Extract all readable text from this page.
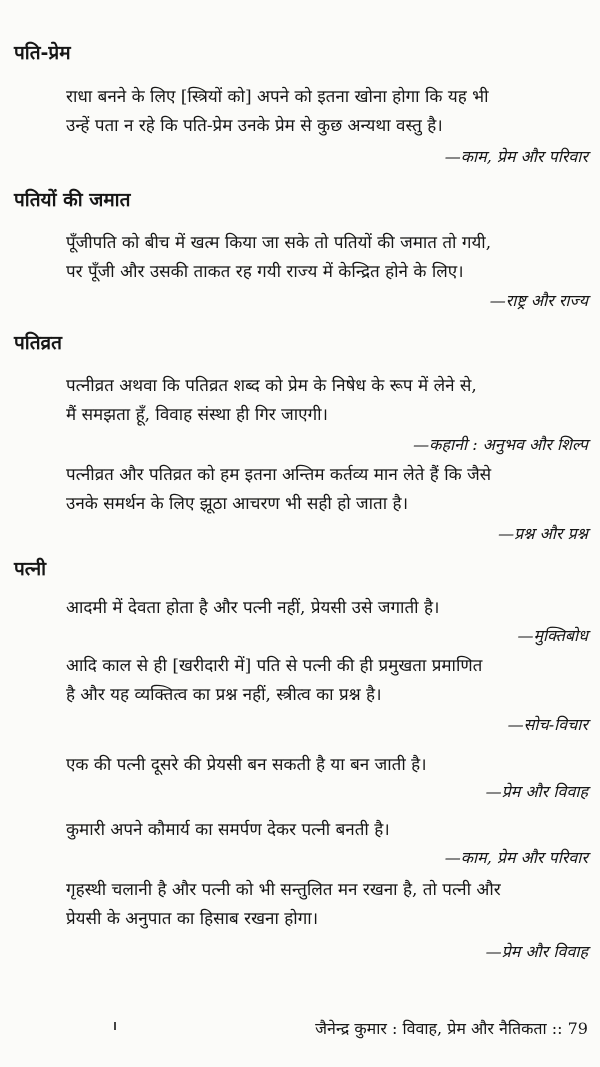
पति-प्रेम
राधा बनने के लिए [स्त्रियों को] अपने को इतना खोना होगा कि यह भी
उन्हें पता न रहे कि पति-प्रेम उनके प्रेम से कुछ अन्यथा वस्तु है।
—काम, प्रेम और परिवार
पतियों की जमात
पूँजीपति को बीच में खत्म किया जा सके तो पतियों की जमात तो गयी,
पर पूँजी और उसकी ताकत रह गयी राज्य में केन्द्रित होने के लिए।
—राष्ट्र और राज्य
पतिव्रत
पत्नीव्रत अथवा कि पतिव्रत शब्द को प्रेम के निषेध के रूप में लेने से,
मैं समझता हूँ, विवाह संस्था ही गिर जाएगी।
—कहानी : अनुभव और शिल्प
पत्नीव्रत और पतिव्रत को हम इतना अन्तिम कर्तव्य मान लेते हैं कि जैसे
उनके समर्थन के लिए झूठा आचरण भी सही हो जाता है।
—प्रश्न और प्रश्न
पत्नी
आदमी में देवता होता है और पत्नी नहीं, प्रेयसी उसे जगाती है।
—मुक्तिबोध
आदि काल से ही [खरीदारी में] पति से पत्नी की ही प्रमुखता प्रमाणित
है और यह व्यक्तित्व का प्रश्न नहीं, स्त्रीत्व का प्रश्न है।
—सोच-विचार
एक की पत्नी दूसरे की प्रेयसी बन सकती है या बन जाती है।
—प्रेम और विवाह
कुमारी अपने कौमार्य का समर्पण देकर पत्नी बनती है।
—काम, प्रेम और परिवार
गृहस्थी चलानी है और पत्नी को भी सन्तुलित मन रखना है, तो पत्नी और
प्रेयसी के अनुपात का हिसाब रखना होगा।
—प्रेम और विवाह
जैनेन्द्र कुमार : विवाह, प्रेम और नैतिकता :: 79
